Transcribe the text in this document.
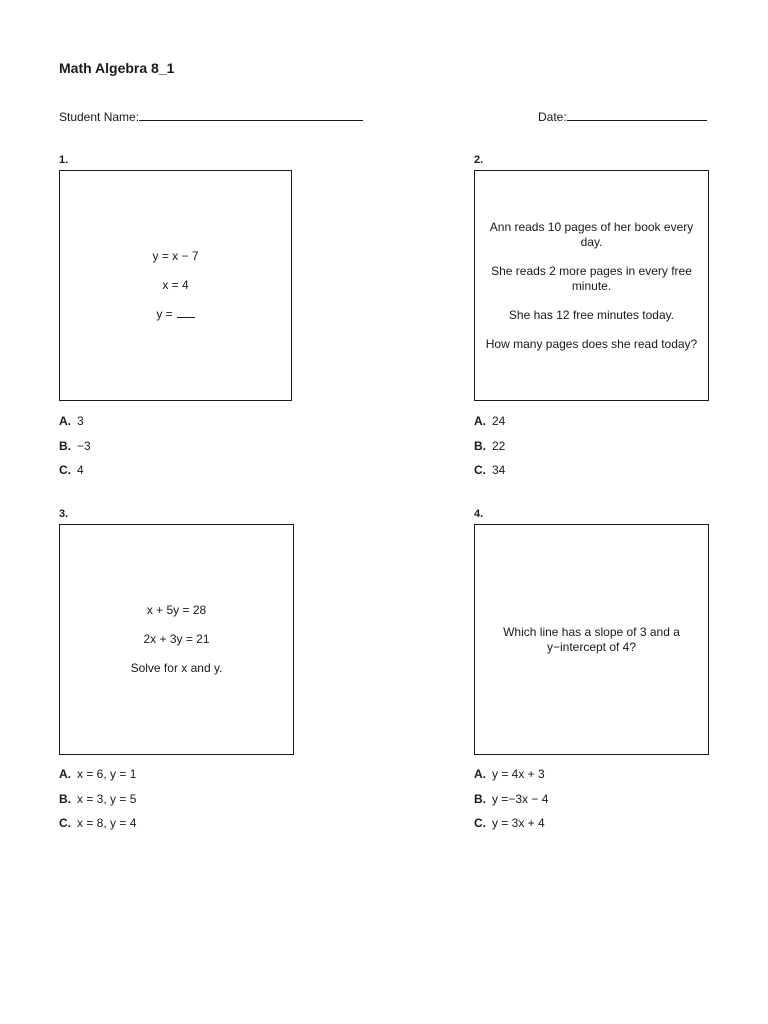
Math Algebra 8_1
Student Name:	Date:
1.

y = x − 7

x = 4

y =

A. 3
B. −3
C. 4
2.

Ann reads 10 pages of her book every day.

She reads 2 more pages in every free minute.

She has 12 free minutes today.

How many pages does she read today?

A. 24
B. 22
C. 34
3.

x + 5y = 28

2x + 3y = 21

Solve for x and y.

A. x = 6, y = 1
B. x = 3, y = 5
C. x = 8, y = 4
4.

Which line has a slope of 3 and a y−intercept of 4?

A. y = 4x + 3
B. y =−3x − 4
C. y = 3x + 4
